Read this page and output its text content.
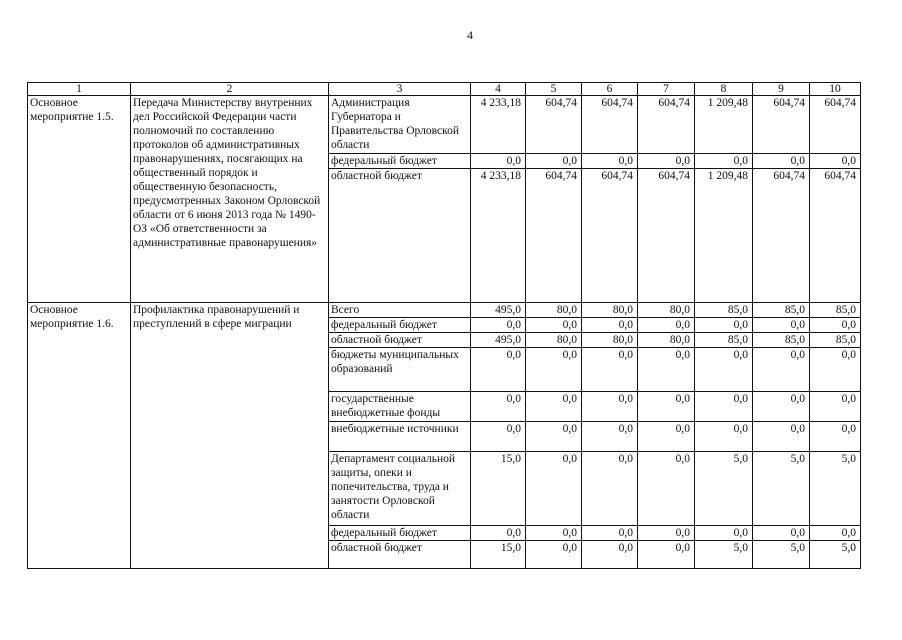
4
1	2	3	4	5	6	7	8	9	10
Основное мероприятие 1.5.	Передача Министерству внутренних дел Российской Федерации части полномочий по составлению протоколов об административных правонарушениях, посягающих на общественный порядок и общественную безопасность, предусмотренных Законом Орловской области от 6 июня 2013 года № 1490-ОЗ «Об ответственности за административные правонарушения»	Администрация Губернатора и Правительства Орловской области	4 233,18	604,74	604,74	604,74	1 209,48	604,74	604,74
		федеральный бюджет	0,0	0,0	0,0	0,0	0,0	0,0	0,0
		областной бюджет	4 233,18	604,74	604,74	604,74	1 209,48	604,74	604,74
Основное мероприятие 1.6.	Профилактика правонарушений и преступлений в сфере миграции	Всего	495,0	80,0	80,0	80,0	85,0	85,0	85,0
		федеральный бюджет	0,0	0,0	0,0	0,0	0,0	0,0	0,0
		областной бюджет	495,0	80,0	80,0	80,0	85,0	85,0	85,0
		бюджеты муниципальных образований	0,0	0,0	0,0	0,0	0,0	0,0	0,0
		государственные внебюджетные фонды	0,0	0,0	0,0	0,0	0,0	0,0	0,0
		внебюджетные источники	0,0	0,0	0,0	0,0	0,0	0,0	0,0
		Департамент социальной защиты, опеки и попечительства, труда и занятости Орловской области	15,0	0,0	0,0	0,0	5,0	5,0	5,0
		федеральный бюджет	0,0	0,0	0,0	0,0	0,0	0,0	0,0
		областной бюджет	15,0	0,0	0,0	0,0	5,0	5,0	5,0
